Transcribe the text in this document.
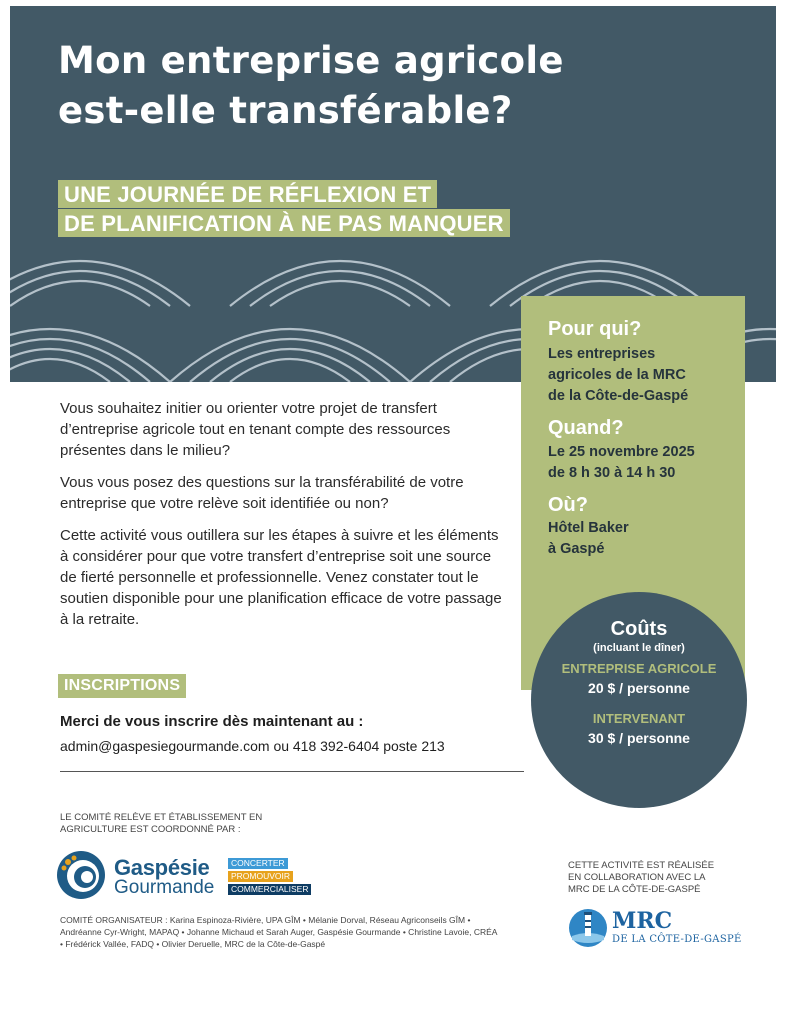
Mon entreprise agricole
est-elle transférable?
UNE JOURNÉE DE RÉFLEXION ET
DE PLANIFICATION À NE PAS MANQUER
Pour qui?

Les entreprises
agricoles de la MRC
de la Côte-de-Gaspé

Quand?

Le 25 novembre 2025
de 8 h 30 à 14 h 30

Où?

Hôtel Baker
à Gaspé

Coûts
(incluant le dîner)
ENTREPRISE AGRICOLE
20 $ / personne
INTERVENANT
30 $ / personne

Vous souhaitez initier ou orienter votre projet de transfert d’entreprise agricole tout en tenant compte des ressources présentes dans le milieu?

Vous vous posez des questions sur la transférabilité de votre entreprise que votre relève soit identifiée ou non?

Cette activité vous outillera sur les étapes à suivre et les éléments à considérer pour que votre transfert d’entreprise soit une source de fierté personnelle et professionnelle. Venez constater tout le soutien disponible pour une planification efficace de votre passage à la retraite.

INSCRIPTIONS
Merci de vous inscrire dès maintenant au :
admin@gaspesiegourmande.com ou 418 392-6404 poste 213
LE COMITÉ RELÈVE ET ÉTABLISSEMENT EN
AGRICULTURE EST COORDONNÉ PAR :
Gaspésie
Gourmande
CONCERTER
PROMOUVOIR
COMMERCIALISER
COMITÉ ORGANISATEUR : Karina Espinoza-Rivière, UPA GÎM • Mélanie Dorval, Réseau Agriconseils GÎM • Andréanne Cyr-Wright, MAPAQ • Johanne Michaud et Sarah Auger, Gaspésie Gourmande • Christine Lavoie, CRÉA • Frédérick Vallée, FADQ • Olivier Deruelle, MRC de la Côte-de-Gaspé
CETTE ACTIVITÉ EST RÉALISÉE
EN COLLABORATION AVEC LA
MRC DE LA CÔTE-DE-GASPÉ
MRC
DE LA CÔTE-DE-GASPÉ
